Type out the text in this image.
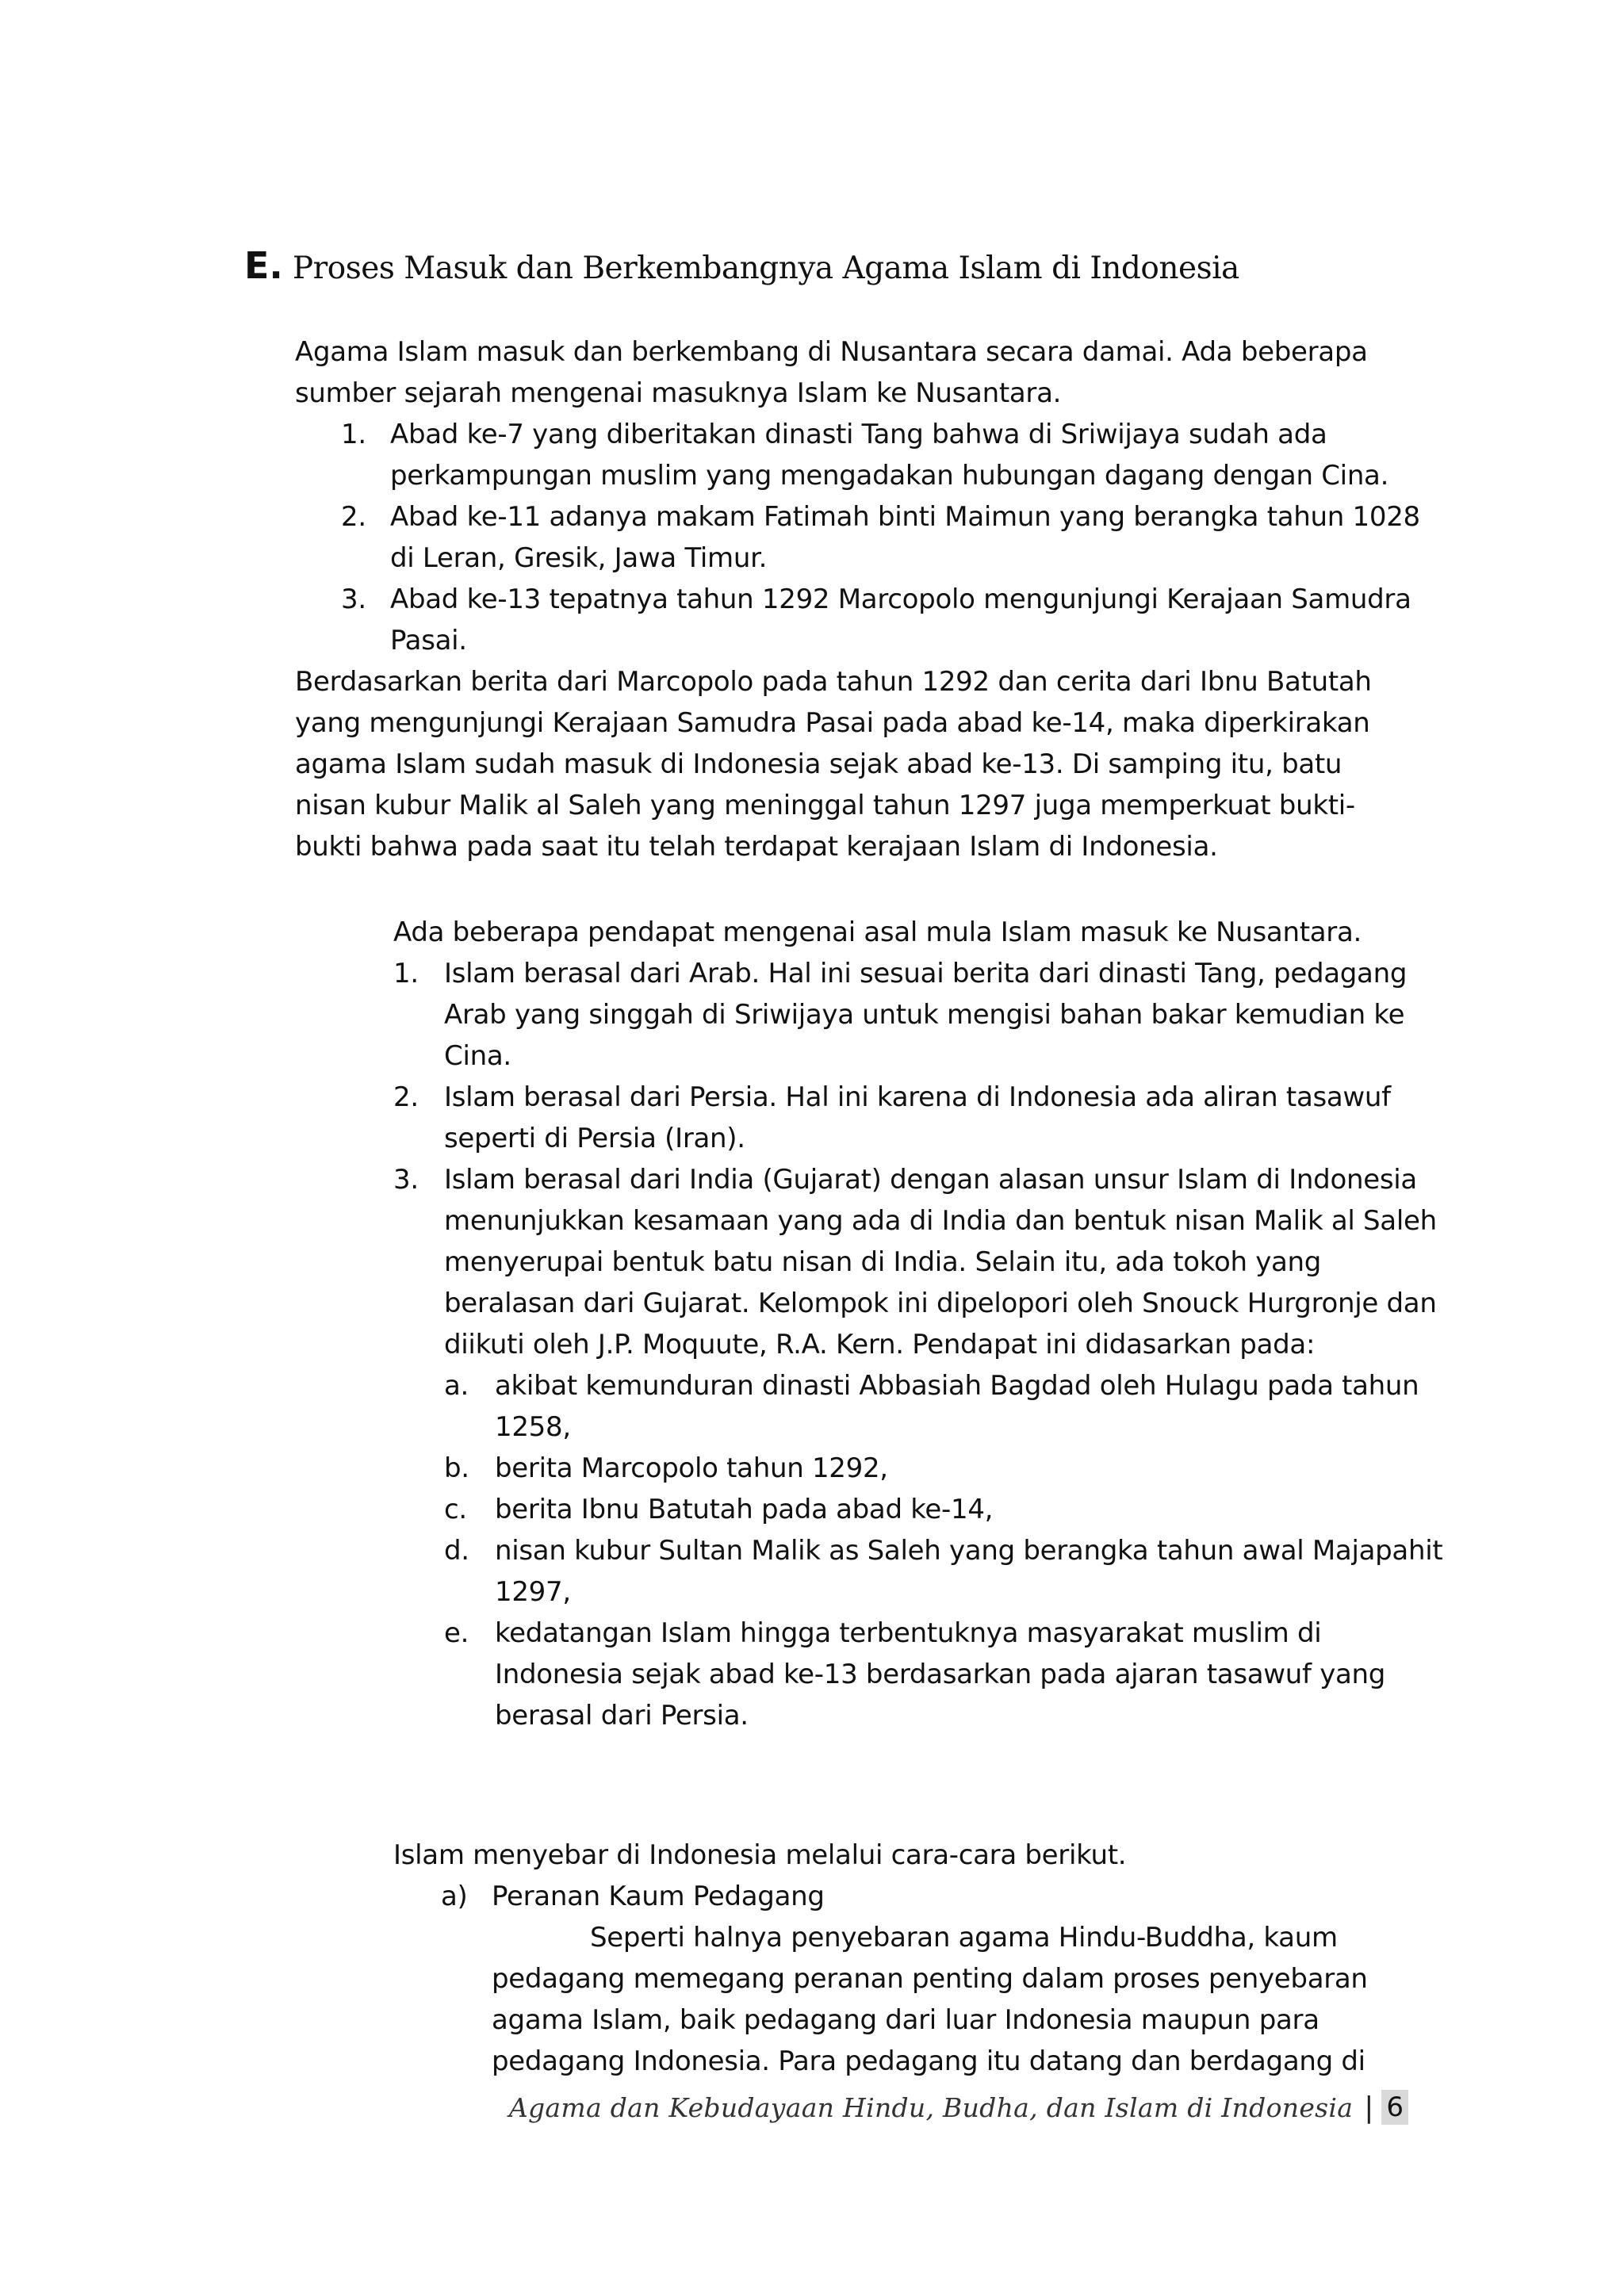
E. Proses Masuk dan Berkembangnya Agama Islam di Indonesia

Agama Islam masuk dan berkembang di Nusantara secara damai. Ada beberapa sumber sejarah mengenai masuknya Islam ke Nusantara.

1. Abad ke-7 yang diberitakan dinasti Tang bahwa di Sriwijaya sudah ada perkampungan muslim yang mengadakan hubungan dagang dengan Cina.
2. Abad ke-11 adanya makam Fatimah binti Maimun yang berangka tahun 1028 di Leran, Gresik, Jawa Timur.
3. Abad ke-13 tepatnya tahun 1292 Marcopolo mengunjungi Kerajaan Samudra Pasai.

Berdasarkan berita dari Marcopolo pada tahun 1292 dan cerita dari Ibnu Batutah yang mengunjungi Kerajaan Samudra Pasai pada abad ke-14, maka diperkirakan agama Islam sudah masuk di Indonesia sejak abad ke-13. Di samping itu, batu nisan kubur Malik al Saleh yang meninggal tahun 1297 juga memperkuat bukti-bukti bahwa pada saat itu telah terdapat kerajaan Islam di Indonesia.

Ada beberapa pendapat mengenai asal mula Islam masuk ke Nusantara.

1. Islam berasal dari Arab. Hal ini sesuai berita dari dinasti Tang, pedagang Arab yang singgah di Sriwijaya untuk mengisi bahan bakar kemudian ke Cina.
2. Islam berasal dari Persia. Hal ini karena di Indonesia ada aliran tasawuf seperti di Persia (Iran).
3. Islam berasal dari India (Gujarat) dengan alasan unsur Islam di Indonesia menunjukkan kesamaan yang ada di India dan bentuk nisan Malik al Saleh menyerupai bentuk batu nisan di India. Selain itu, ada tokoh yang beralasan dari Gujarat. Kelompok ini dipelopori oleh Snouck Hurgronje dan diikuti oleh J.P. Moquute, R.A. Kern. Pendapat ini didasarkan pada:
a. akibat kemunduran dinasti Abbasiah Bagdad oleh Hulagu pada tahun 1258,
b. berita Marcopolo tahun 1292,
c. berita Ibnu Batutah pada abad ke-14,
d. nisan kubur Sultan Malik as Saleh yang berangka tahun awal Majapahit 1297,
e. kedatangan Islam hingga terbentuknya masyarakat muslim di Indonesia sejak abad ke-13 berdasarkan pada ajaran tasawuf yang berasal dari Persia.

Islam menyebar di Indonesia melalui cara-cara berikut.

a) Peranan Kaum Pedagang

Seperti halnya penyebaran agama Hindu-Buddha, kaum pedagang memegang peranan penting dalam proses penyebaran agama Islam, baik pedagang dari luar Indonesia maupun para pedagang Indonesia. Para pedagang itu datang dan berdagang di

Agama dan Kebudayaan Hindu, Budha, dan Islam di Indonesia | 6
